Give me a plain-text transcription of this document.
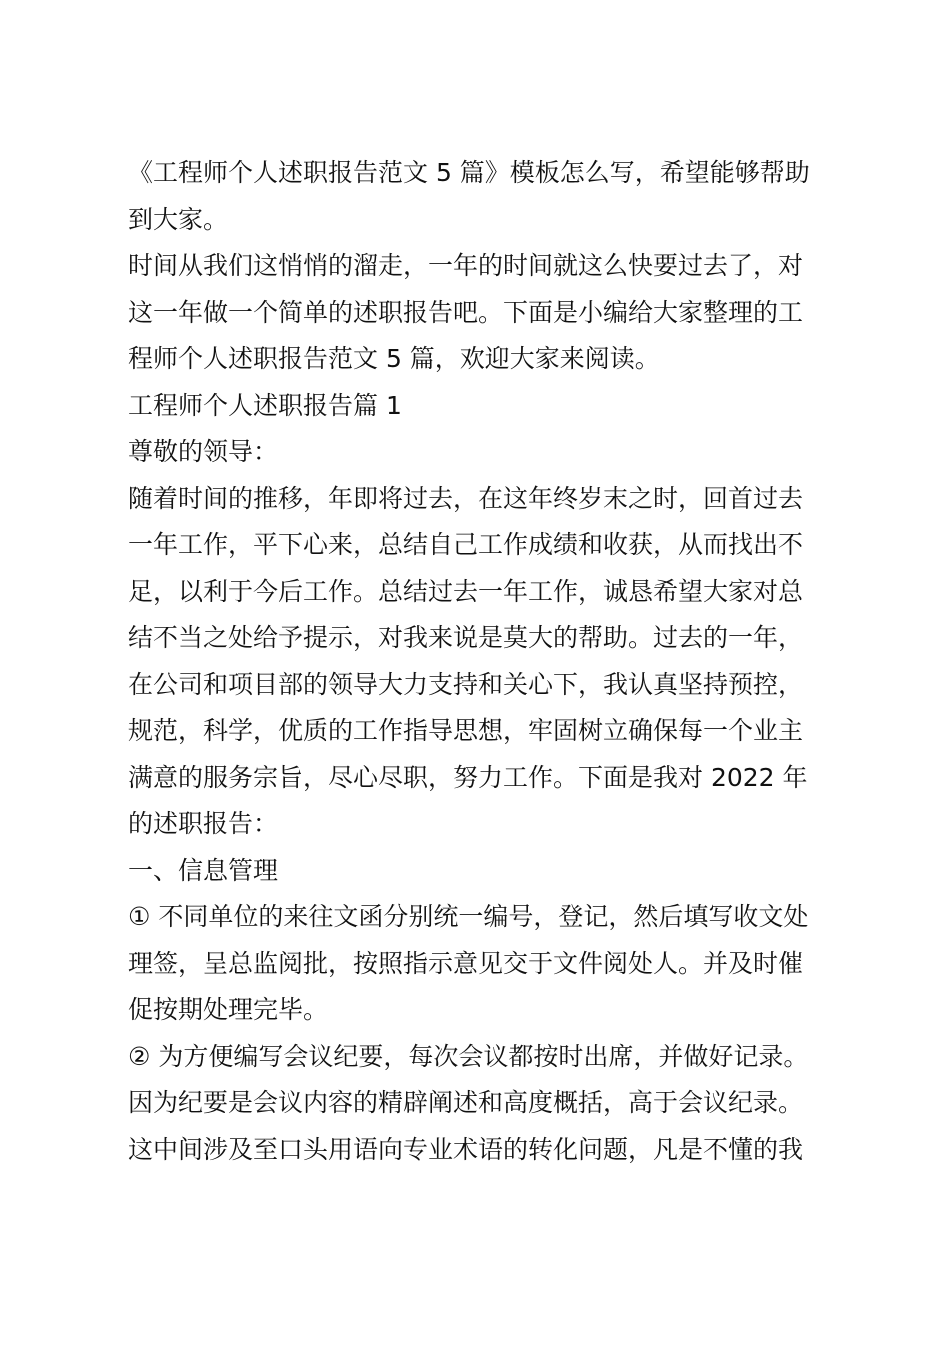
《工程师个人述职报告范文 5 篇》模板怎么写，希望能够帮助
到大家。
时间从我们这悄悄的溜走，一年的时间就这么快要过去了，对
这一年做一个简单的述职报告吧。下面是小编给大家整理的工
程师个人述职报告范文 5 篇，欢迎大家来阅读。
工程师个人述职报告篇 1
尊敬的领导：
随着时间的推移，年即将过去，在这年终岁末之时，回首过去
一年工作，平下心来，总结自己工作成绩和收获，从而找出不
足，以利于今后工作。总结过去一年工作，诚恳希望大家对总
结不当之处给予提示，对我来说是莫大的帮助。过去的一年，
在公司和项目部的领导大力支持和关心下，我认真坚持预控，
规范，科学，优质的工作指导思想，牢固树立确保每一个业主
满意的服务宗旨，尽心尽职，努力工作。下面是我对 2022 年
的述职报告：
一、信息管理
① 不同单位的来往文函分别统一编号，登记，然后填写收文处
理签，呈总监阅批，按照指示意见交于文件阅处人。并及时催
促按期处理完毕。
② 为方便编写会议纪要，每次会议都按时出席，并做好记录。
因为纪要是会议内容的精辟阐述和高度概括，高于会议纪录。
这中间涉及至口头用语向专业术语的转化问题，凡是不懂的我
